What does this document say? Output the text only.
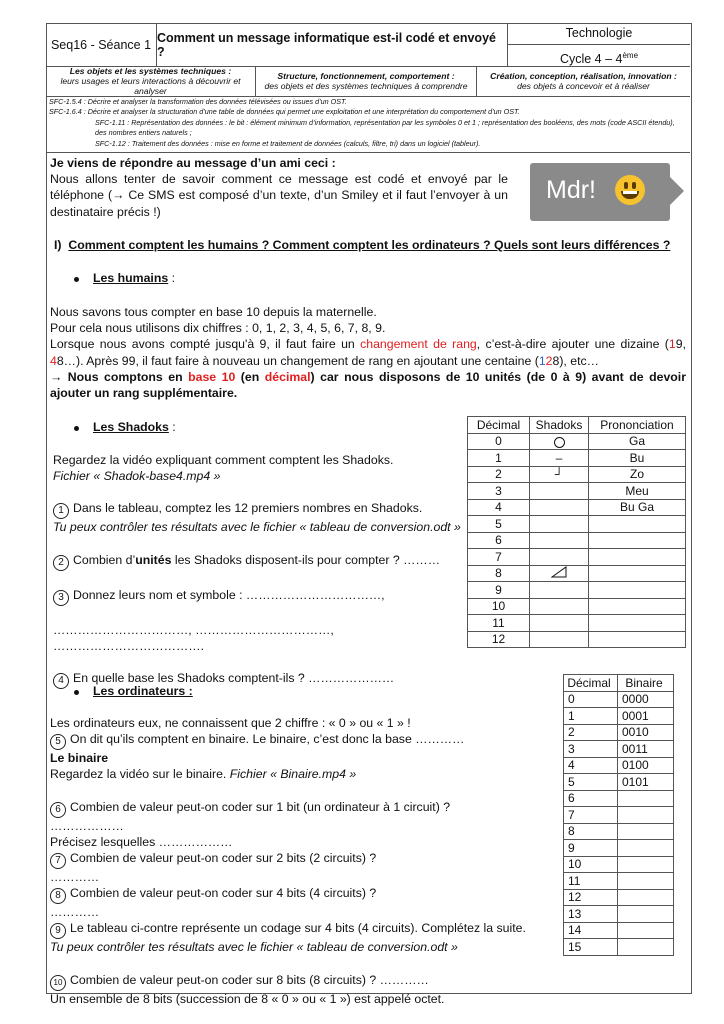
Seq16 - Séance 1 Comment un message informatique est-il codé et envoyé ?
Technologie
Cycle 4 – 4ème
Les objets et les systèmes techniques :
leurs usages et leurs interactions à découvrir et analyser
Structure, fonctionnement, comportement :
des objets et des systèmes techniques à comprendre
Création, conception, réalisation, innovation :
des objets à concevoir et à réaliser
SFC-1.5.4 : Décrire et analyser la transformation des données télévisées ou issues d’un OST.
SFC-1.6.4 : Décrire et analyser la structuration d’une table de données qui permet une exploitation et une interprétation du comportement d’un OST.
SFC-1.11 : Représentation des données : le bit : élément minimum d’information, représentation par les symboles 0 et 1 ; représentation des booléens, des mots (code ASCII étendu), des nombres entiers naturels ;
SFC-1.12 : Traitement des données : mise en forme et traitement de données (calculs, filtre, tri) dans un logiciel (tableur).
Je viens de répondre au message d’un ami ceci :
Nous allons tenter de savoir comment ce message est codé et envoyé par le téléphone (→ Ce SMS est composé d’un texte, d’un Smiley et il faut l’envoyer à un destinataire précis !)
Mdr!
I) Comment comptent les humains ? Comment comptent les ordinateurs ? Quels sont leurs différences ?
Les humains :
Nous savons tous compter en base 10 depuis la maternelle.
Pour cela nous utilisons dix chiffres : 0, 1, 2, 3, 4, 5, 6, 7, 8, 9.
Lorsque nous avons compté jusqu'à 9, il faut faire un changement de rang, c’est-à-dire ajouter une dizaine (19, 48…). Après 99, il faut faire à nouveau un changement de rang en ajoutant une centaine (128), etc…
→ Nous comptons en base 10 (en décimal) car nous disposons de 10 unités (de 0 à 9) avant de devoir ajouter un rang supplémentaire.
Les Shadoks :
Regardez la vidéo expliquant comment comptent les Shadoks.
Fichier « Shadok-base4.mp4 »
1 Dans le tableau, comptez les 12 premiers nombres en Shadoks.
Tu peux contrôler tes résultats avec le fichier « tableau de conversion.odt »
2 Combien d’unités les Shadoks disposent-ils pour compter ? ………
3 Donnez leurs nom et symbole : ……………………………,
……………………………, ……………………………, ……………………………….
4 En quelle base les Shadoks comptent-ils ? …………………
Décimal	Shadoks	Prononciation
0		Ga
1	–	Bu
2	┘	Zo
3		Meu
4		Bu Ga
5		
6		
7		
8		
9		
10		
11		
12		
Les ordinateurs :
Les ordinateurs eux, ne connaissent que 2 chiffre : « 0 » ou « 1 » !
5 On dit qu’ils comptent en binaire. Le binaire, c’est donc la base …………
Le binaire
Regardez la vidéo sur le binaire. Fichier « Binaire.mp4 »
6 Combien de valeur peut-on coder sur 1 bit (un ordinateur à 1 circuit) ?
………………
Précisez lesquelles ………………
7 Combien de valeur peut-on coder sur 2 bits (2 circuits) ?
…………
8 Combien de valeur peut-on coder sur 4 bits (4 circuits) ?
…………
9 Le tableau ci-contre représente un codage sur 4 bits (4 circuits). Complétez la suite.
Tu peux contrôler tes résultats avec le fichier « tableau de conversion.odt »
10 Combien de valeur peut-on coder sur 8 bits (8 circuits) ? …………
Un ensemble de 8 bits (succession de 8 « 0 » ou « 1 ») est appelé octet.
Décimal	Binaire
0	0000
1	0001
2	0010
3	0011
4	0100
5	0101
6	
7	
8	
9	
10	
11	
12	
13	
14	
15	
